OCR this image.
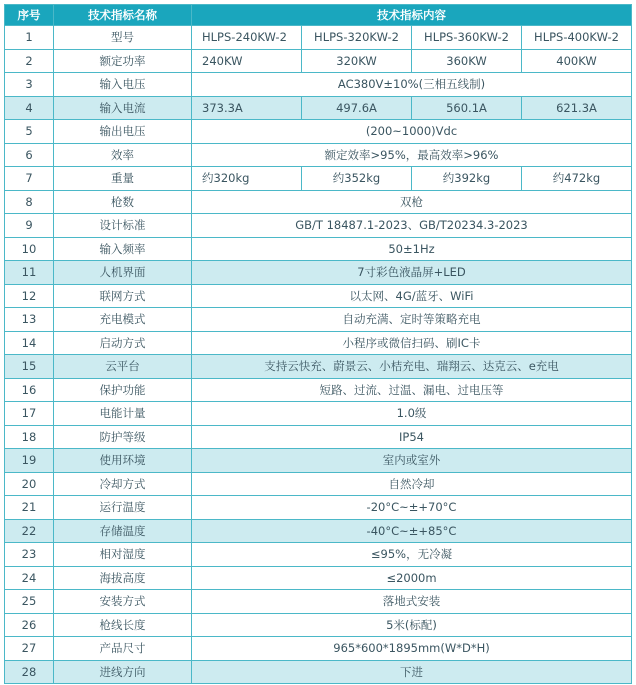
序号	技术指标名称	技术指标内容
1	型号	HLPS-240KW-2	HLPS-320KW-2	HLPS-360KW-2	HLPS-400KW-2
2	额定功率	240KW	320KW	360KW	400KW
3	输入电压	AC380V±10%(三相五线制)
4	输入电流	373.3A	497.6A	560.1A	621.3A
5	输出电压	(200~1000)Vdc
6	效率	额定效率>95%，最高效率>96%
7	重量	约320kg	约352kg	约392kg	约472kg
8	枪数	双枪
9	设计标准	GB/T 18487.1-2023、GB/T20234.3-2023
10	输入频率	50±1Hz
11	人机界面	7寸彩色液晶屏+LED
12	联网方式	以太网、4G/蓝牙、WiFi
13	充电模式	自动充满、定时等策略充电
14	启动方式	小程序或微信扫码、刷IC卡
15	云平台	支持云快充、蔚景云、小桔充电、瑞翔云、达克云、e充电
16	保护功能	短路、过流、过温、漏电、过电压等
17	电能计量	1.0级
18	防护等级	IP54
19	使用环境	室内或室外
20	冷却方式	自然冷却
21	运行温度	-20°C~±+70°C
22	存储温度	-40°C~±+85°C
23	相对湿度	≤95%，无冷凝
24	海拔高度	≤2000m
25	安装方式	落地式安装
26	枪线长度	5米(标配)
27	产品尺寸	965*600*1895mm(W*D*H)
28	进线方向	下进
